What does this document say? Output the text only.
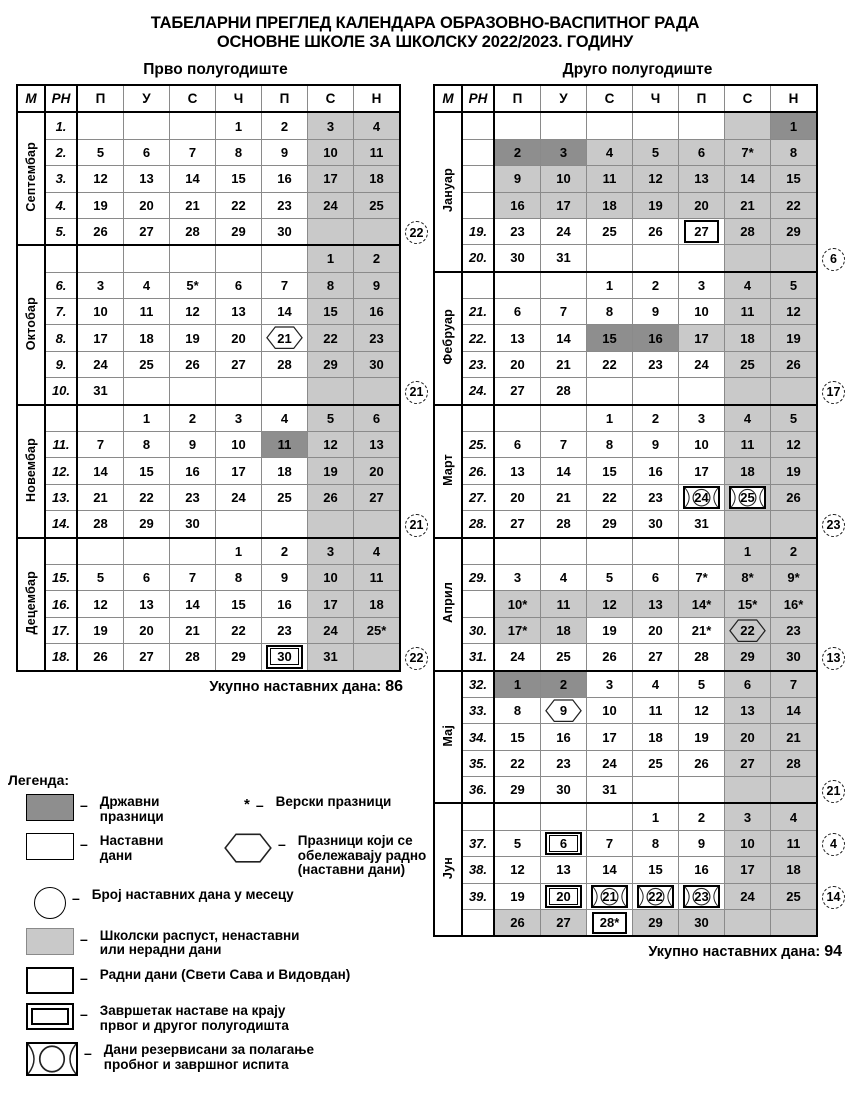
ТАБЕЛАРНИ ПРЕГЛЕД КАЛЕНДАРА ОБРАЗОВНО-ВАСПИТНОГ РАДА
ОСНОВНЕ ШКОЛЕ ЗА ШКОЛСКУ 2022/2023. ГОДИНУ
Прво полугодиште
М	РН	П	У	С	Ч	П	С	Н
Септембар	1.				1	2	3	4

	2.	5	6	7	8	9	10	11

	3.	12	13	14	15	16	17	18

	4.	19	20	21	22	23	24	25

	5.	26	27	28	29	30		

Октобар							1	2

	6.	3	4	5*	6	7	8	9

	7.	10	11	12	13	14	15	16

	8.	17	18	19	20	21	22	23

	9.	24	25	26	27	28	29	30

	10.	31						

Новембар			1	2	3	4	5	6

	11.	7	8	9	10	11	12	13

	12.	14	15	16	17	18	19	20

	13.	21	22	23	24	25	26	27

	14.	28	29	30				

Децембар					1	2	3	4

	15.	5	6	7	8	9	10	11

	16.	12	13	14	15	16	17	18

	17.	19	20	21	22	23	24	25*

	18.	26	27	28	29	30	31	

22
21
21
22
Укупно наставних дана: 86
Друго полугодиште
М	РН	П	У	С	Ч	П	С	Н
Јануар								1

		2	3	4	5	6	7*	8

		9	10	11	12	13	14	15

		16	17	18	19	20	21	22

	19.	23	24	25	26	27	28	29

	20.	30	31					

Фебруар				1	2	3	4	5

	21.	6	7	8	9	10	11	12

	22.	13	14	15	16	17	18	19

	23.	20	21	22	23	24	25	26

	24.	27	28					

Март				1	2	3	4	5

	25.	6	7	8	9	10	11	12

	26.	13	14	15	16	17	18	19

	27.	20	21	22	23	24	25	26

	28.	27	28	29	30	31		

Април							1	2

	29.	3	4	5	6	7*	8*	9*

		10*	11	12	13	14*	15*	16*

	30.	17*	18	19	20	21*	22	23

	31.	24	25	26	27	28	29	30

Мај	32.	1	2	3	4	5	6	7

	33.	8	9	10	11	12	13	14

	34.	15	16	17	18	19	20	21

	35.	22	23	24	25	26	27	28

	36.	29	30	31				

Јун					1	2	3	4

	37.	5	6	7	8	9	10	11

	38.	12	13	14	15	16	17	18

	39.	19	20	21	22	23	24	25

		26	27	28*	29	30		

6
17
23
13
21
4
14
Укупно наставних дана: 94
Легенда:
– Државни
празници
* – Верски празници
– Наставни
дани
– Празници који се
обележавају радно
(наставни дани)
– Број наставних дана у месецу
– Школски распуст, ненаставни
или нерадни дани
– Радни дани (Свети Сава и Видовдан)
– Завршетак наставе на крају
првог и другог полугодишта
– Дани резервисани за полагање
пробног и завршног испита
